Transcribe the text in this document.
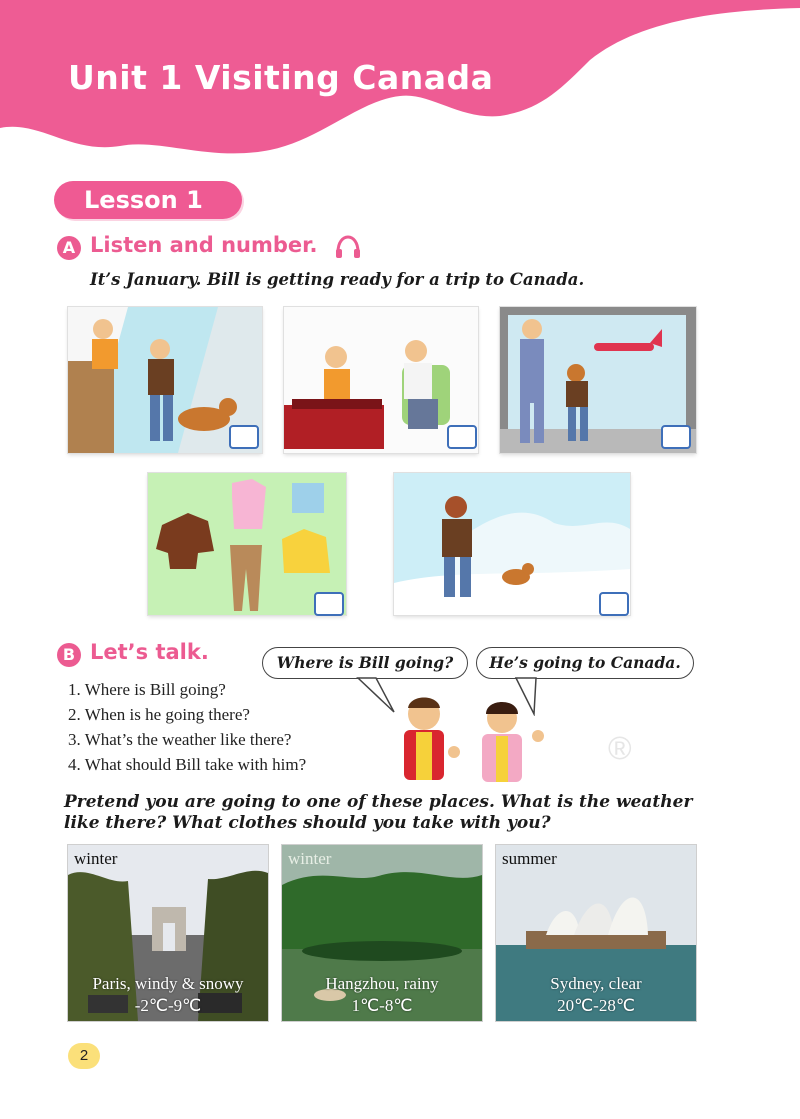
Unit 1 Visiting Canada
Lesson 1
A Listen and number.
It’s January. Bill is getting ready for a trip to Canada.
B Let’s talk.	Where is Bill going?	He’s going to Canada.
1. Where is Bill going?
2. When is he going there?
3. What’s the weather like there?
4. What should Bill take with him?	®
Pretend you are going to one of these places. What is the weather like there? What clothes should you take with you?
winter
Paris, windy & snowy
-2℃-9℃
winter
Hangzhou, rainy
1℃-8℃
summer
Sydney, clear
20℃-28℃
2
